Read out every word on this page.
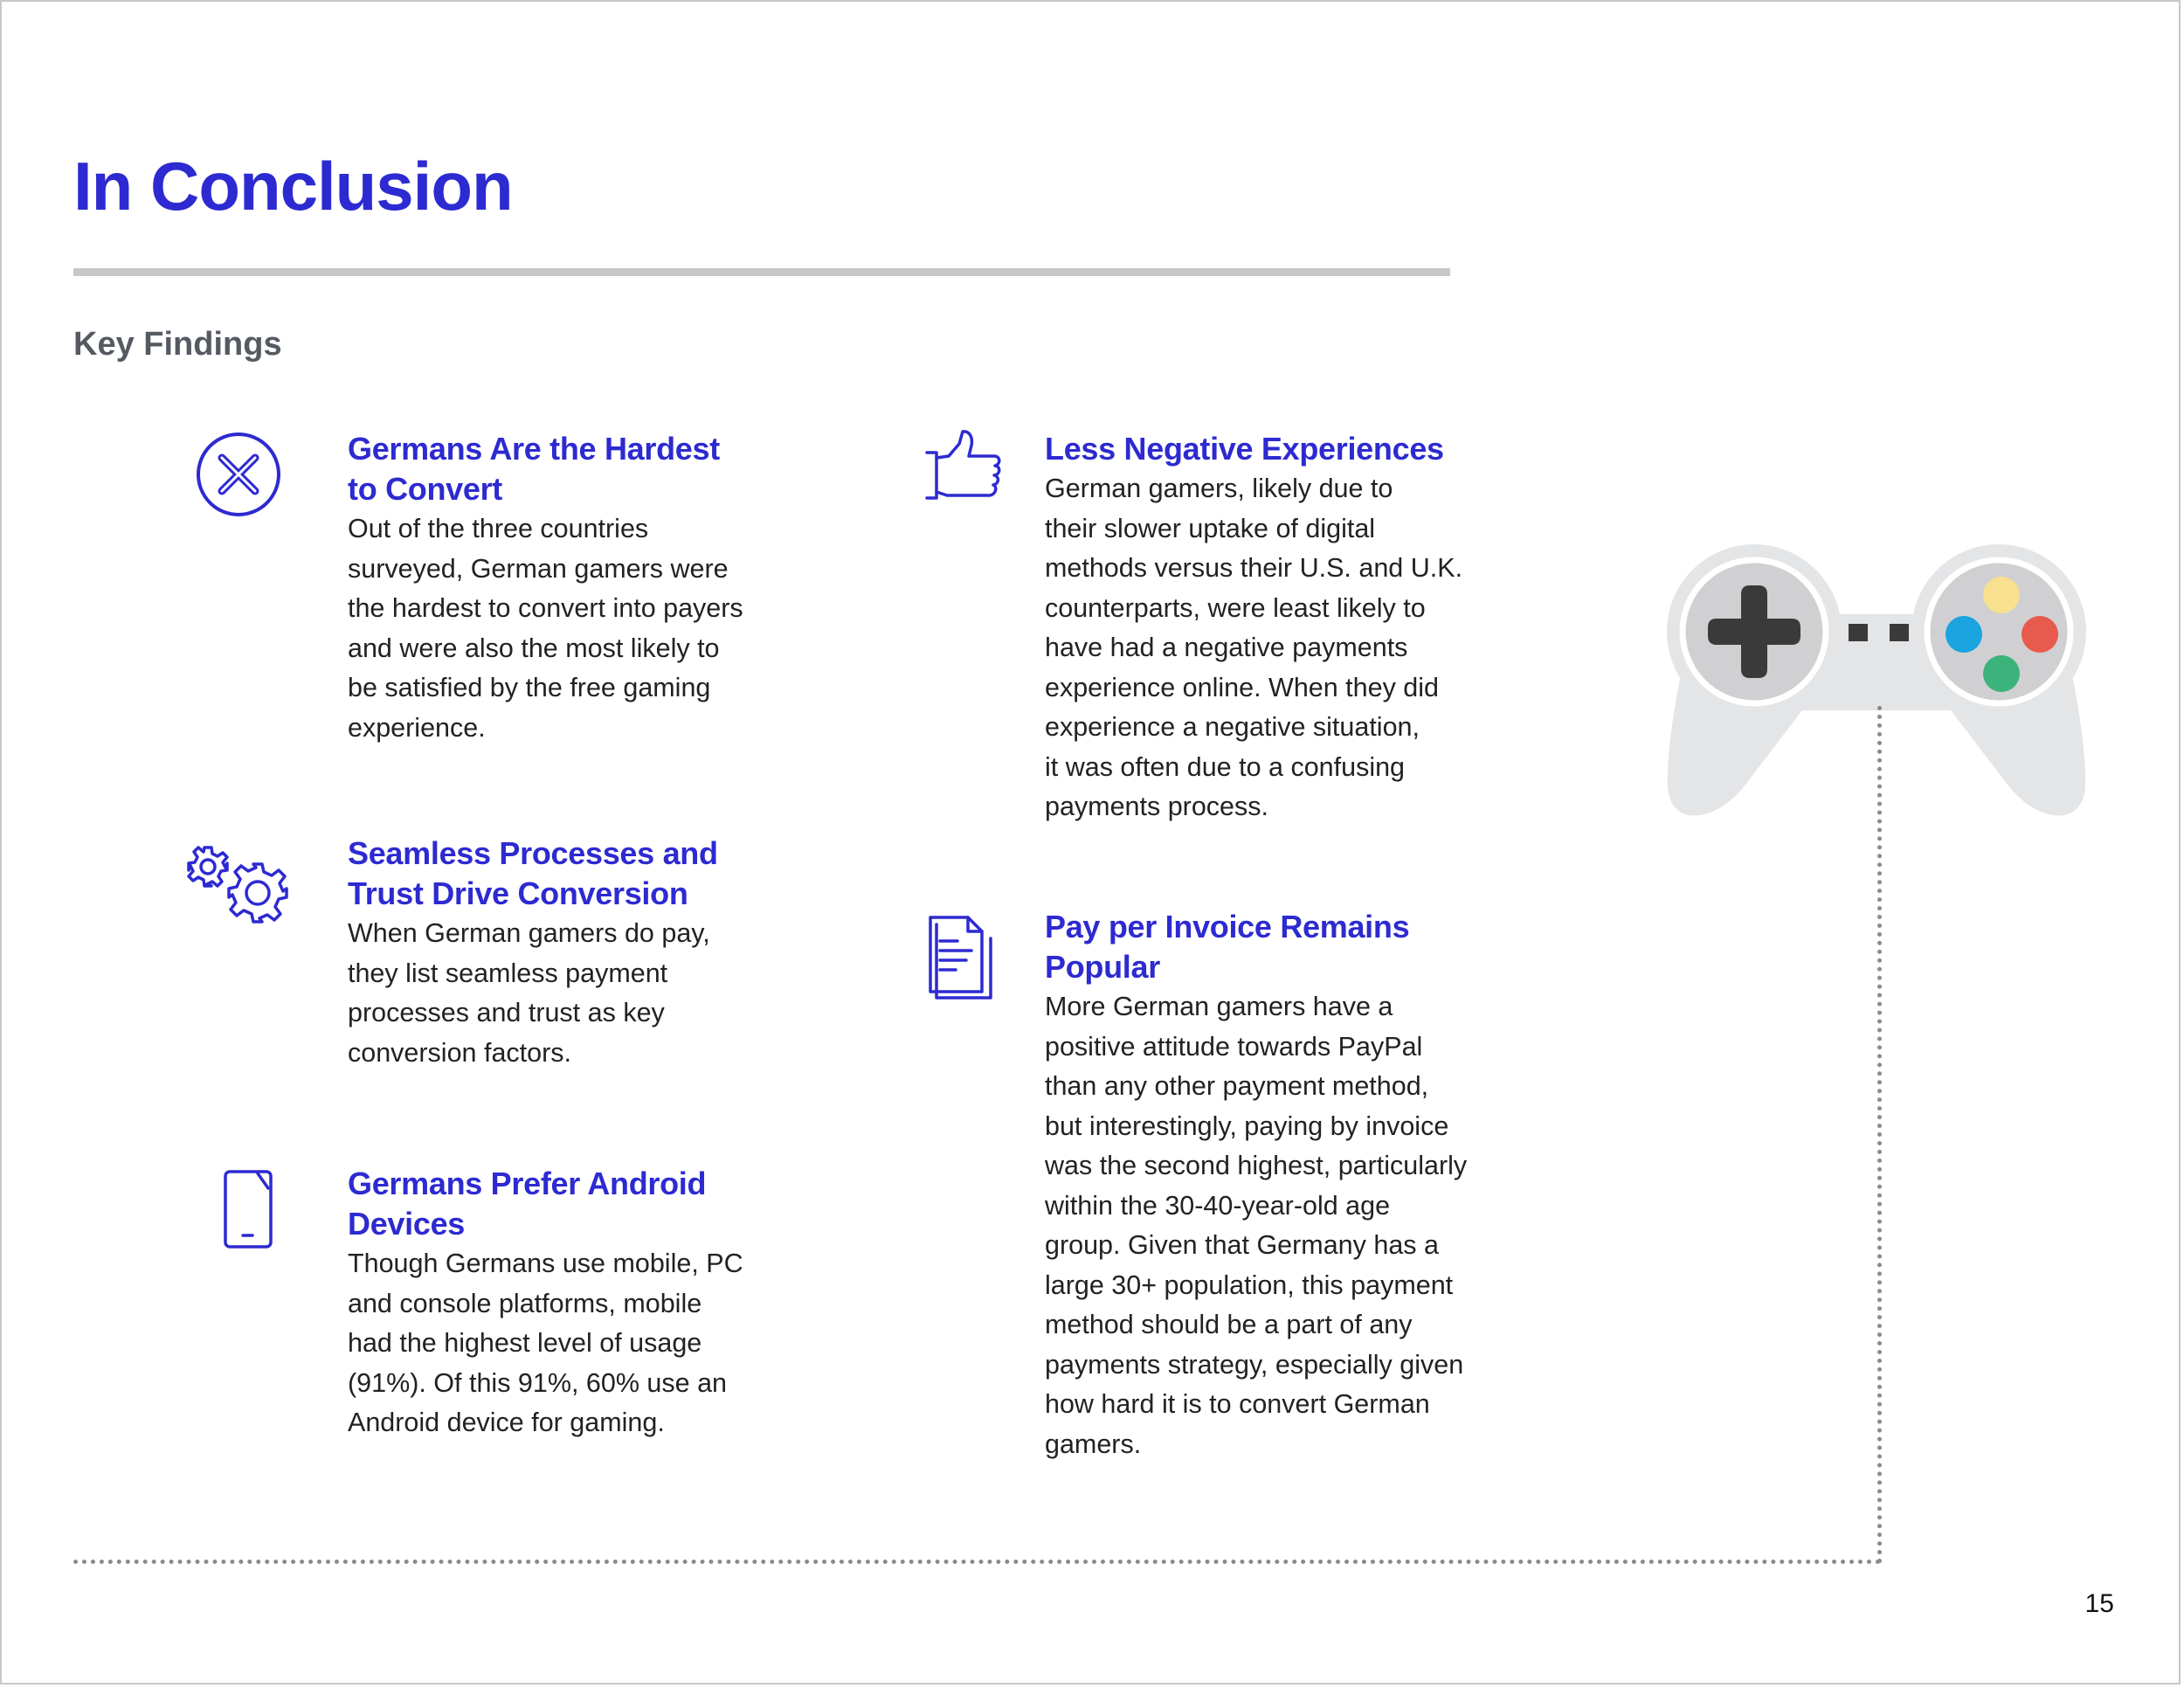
In Conclusion
Key Findings
Germans Are the Hardest
to Convert

Out of the three countries
surveyed, German gamers were
the hardest to convert into payers
and were also the most likely to
be satisfied by the free gaming
experience.

Seamless Processes and
Trust Drive Conversion

When German gamers do pay,
they list seamless payment
processes and trust as key
conversion factors.

Germans Prefer Android
Devices

Though Germans use mobile, PC
and console platforms, mobile
had the highest level of usage
(91%). Of this 91%, 60% use an
Android device for gaming.

Less Negative Experiences

German gamers, likely due to
their slower uptake of digital
methods versus their U.S. and U.K.
counterparts, were least likely to
have had a negative payments
experience online. When they did
experience a negative situation,
it was often due to a confusing
payments process.

Pay per Invoice Remains
Popular

More German gamers have a
positive attitude towards PayPal
than any other payment method,
but interestingly, paying by invoice
was the second highest, particularly
within the 30-40-year-old age
group. Given that Germany has a
large 30+ population, this payment
method should be a part of any
payments strategy, especially given
how hard it is to convert German
gamers.

15
